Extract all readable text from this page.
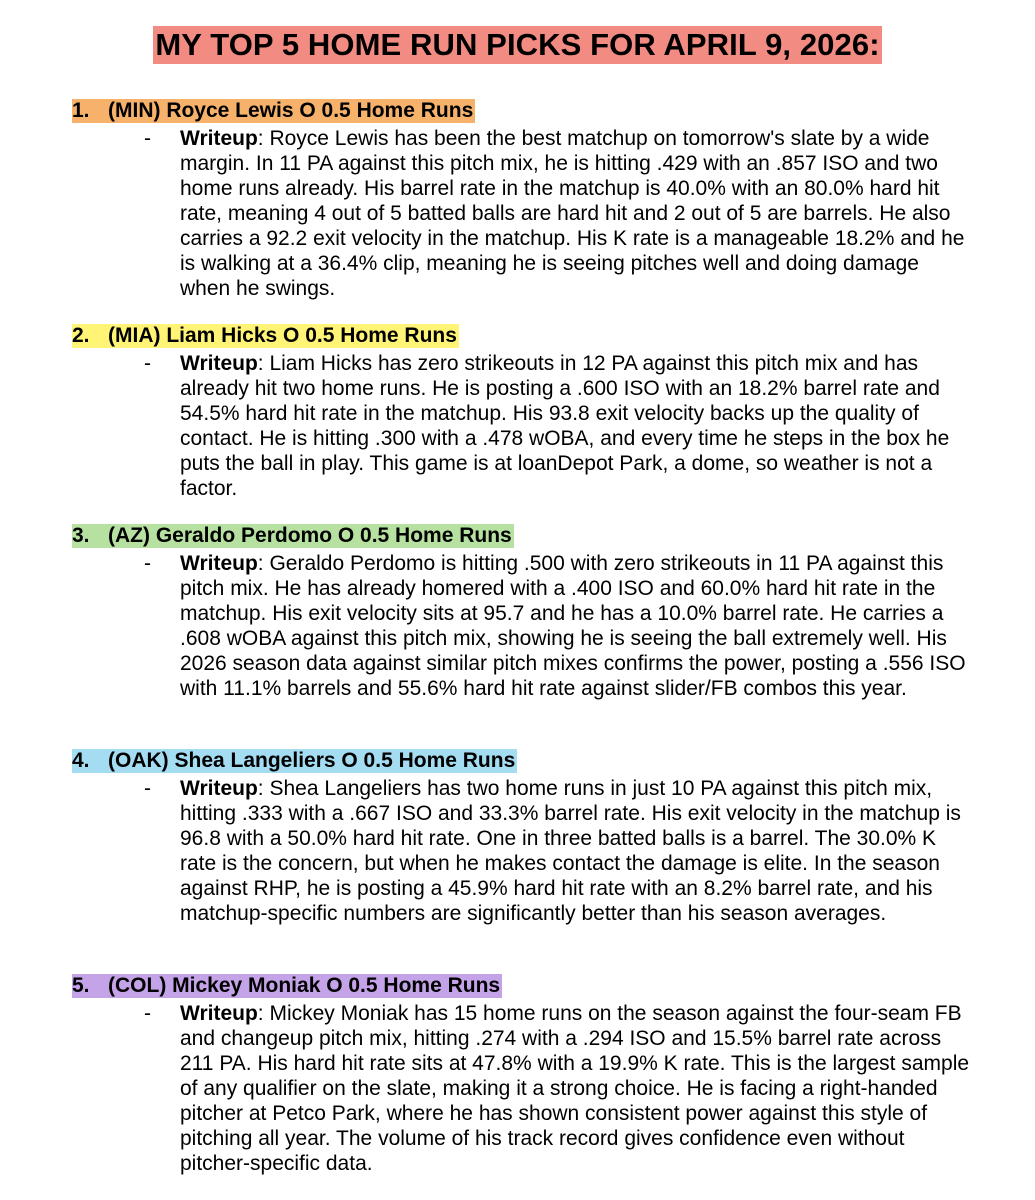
MY TOP 5 HOME RUN PICKS FOR APRIL 9, 2026:
1. (MIN) Royce Lewis O 0.5 Home Runs
- Writeup: Royce Lewis has been the best matchup on tomorrow's slate by a wide margin. In 11 PA against this pitch mix, he is hitting .429 with an .857 ISO and two home runs already. His barrel rate in the matchup is 40.0% with an 80.0% hard hit rate, meaning 4 out of 5 batted balls are hard hit and 2 out of 5 are barrels. He also carries a 92.2 exit velocity in the matchup. His K rate is a manageable 18.2% and he is walking at a 36.4% clip, meaning he is seeing pitches well and doing damage when he swings.
2. (MIA) Liam Hicks O 0.5 Home Runs
- Writeup: Liam Hicks has zero strikeouts in 12 PA against this pitch mix and has already hit two home runs. He is posting a .600 ISO with an 18.2% barrel rate and 54.5% hard hit rate in the matchup. His 93.8 exit velocity backs up the quality of contact. He is hitting .300 with a .478 wOBA, and every time he steps in the box he puts the ball in play. This game is at loanDepot Park, a dome, so weather is not a factor.
3. (AZ) Geraldo Perdomo O 0.5 Home Runs
- Writeup: Geraldo Perdomo is hitting .500 with zero strikeouts in 11 PA against this pitch mix. He has already homered with a .400 ISO and 60.0% hard hit rate in the matchup. His exit velocity sits at 95.7 and he has a 10.0% barrel rate. He carries a .608 wOBA against this pitch mix, showing he is seeing the ball extremely well. His 2026 season data against similar pitch mixes confirms the power, posting a .556 ISO with 11.1% barrels and 55.6% hard hit rate against slider/FB combos this year.
4. (OAK) Shea Langeliers O 0.5 Home Runs
- Writeup: Shea Langeliers has two home runs in just 10 PA against this pitch mix, hitting .333 with a .667 ISO and 33.3% barrel rate. His exit velocity in the matchup is 96.8 with a 50.0% hard hit rate. One in three batted balls is a barrel. The 30.0% K rate is the concern, but when he makes contact the damage is elite. In the season against RHP, he is posting a 45.9% hard hit rate with an 8.2% barrel rate, and his matchup-specific numbers are significantly better than his season averages.
5. (COL) Mickey Moniak O 0.5 Home Runs
- Writeup: Mickey Moniak has 15 home runs on the season against the four-seam FB and changeup pitch mix, hitting .274 with a .294 ISO and 15.5% barrel rate across 211 PA. His hard hit rate sits at 47.8% with a 19.9% K rate. This is the largest sample of any qualifier on the slate, making it a strong choice. He is facing a right-handed pitcher at Petco Park, where he has shown consistent power against this style of pitching all year. The volume of his track record gives confidence even without pitcher-specific data.
